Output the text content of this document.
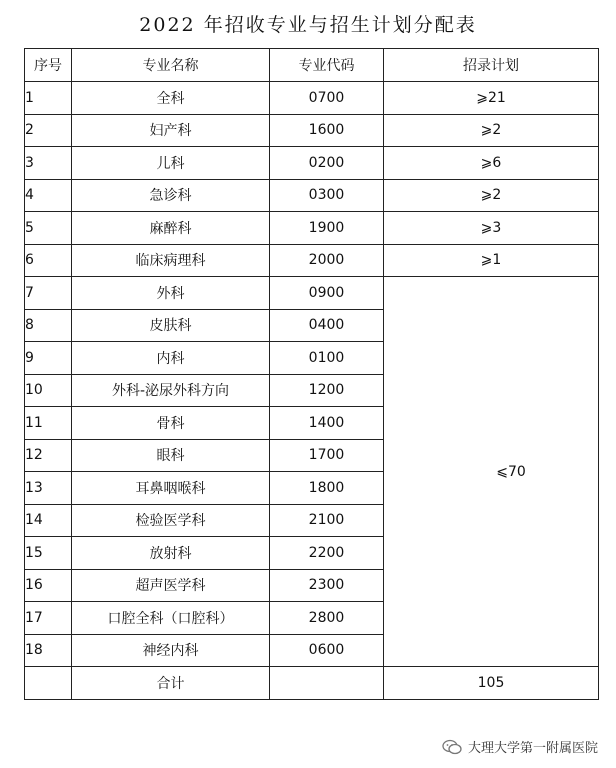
2022 年招收专业与招生计划分配表
序号	专业名称	专业代码	招录计划
1	全科	0700	⩾21
2	妇产科	1600	⩾2
3	儿科	0200	⩾6
4	急诊科	0300	⩾2
5	麻醉科	1900	⩾3
6	临床病理科	2000	⩾1
7	外科	0900	⩽70
8	皮肤科	0400	
9	内科	0100	
10	外科-泌尿外科方向	1200	
11	骨科	1400	
12	眼科	1700	
13	耳鼻咽喉科	1800	
14	检验医学科	2100	
15	放射科	2200	
16	超声医学科	2300	
17	口腔全科（口腔科）	2800	
18	神经内科	0600	
	合计		105
大理大学第一附属医院
